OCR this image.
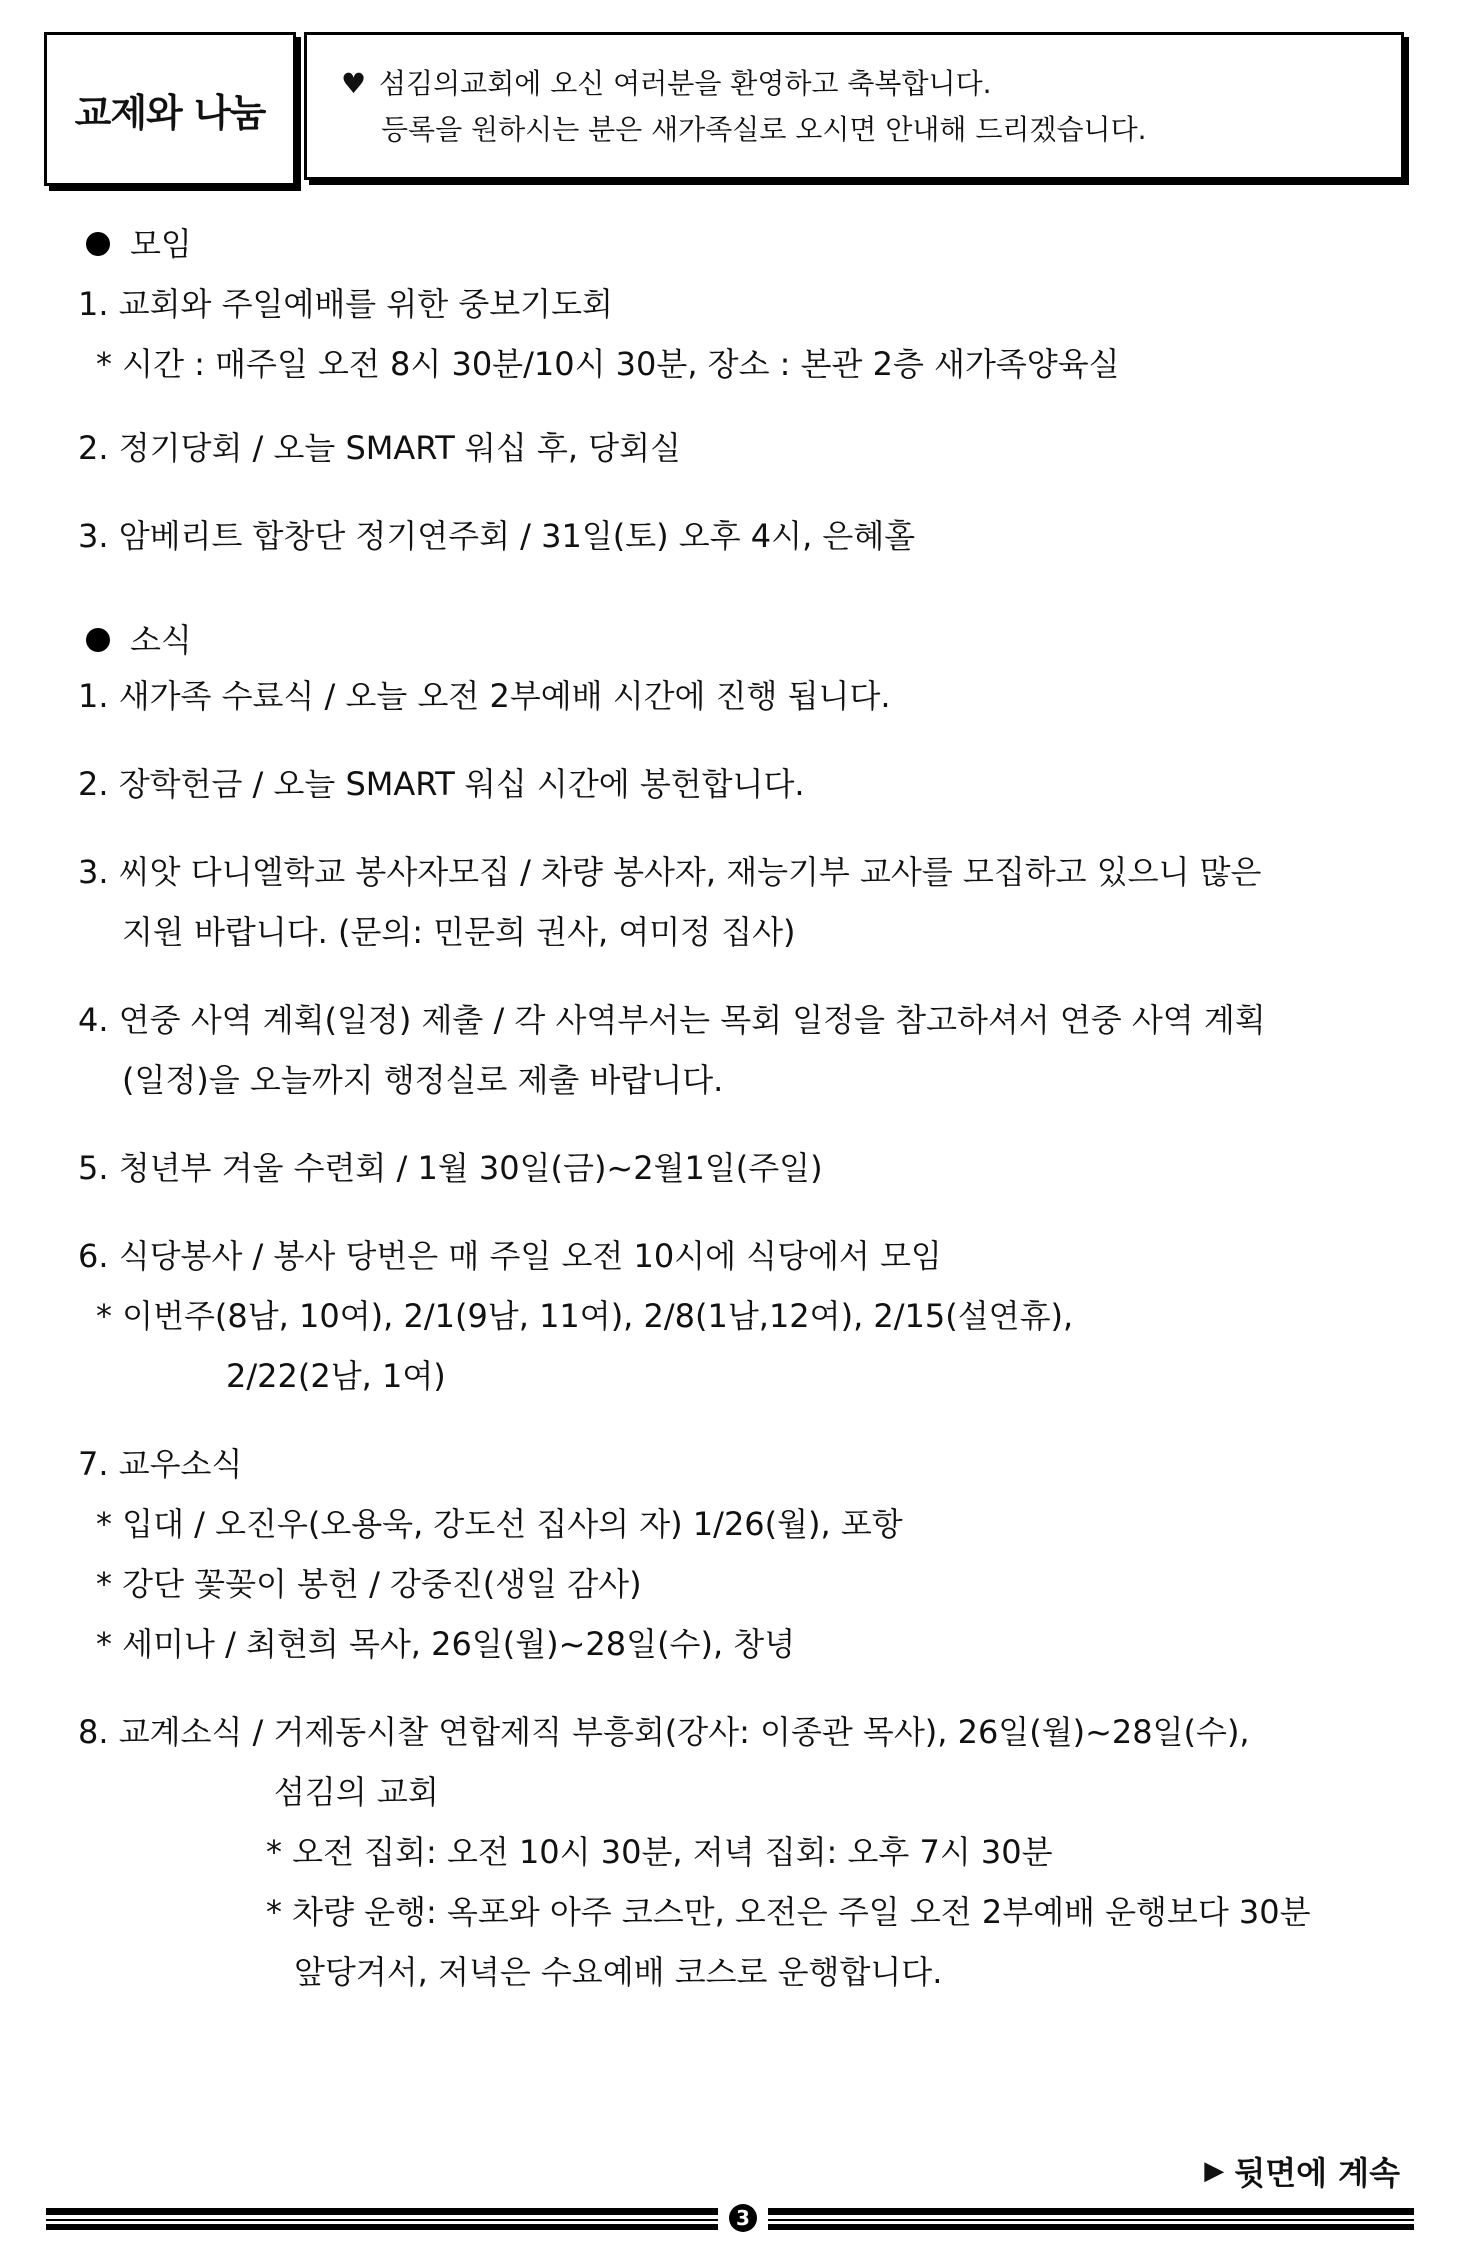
교제와 나눔
♥ 섬김의교회에 오신 여러분을 환영하고 축복합니다.
등록을 원하시는 분은 새가족실로 오시면 안내해 드리겠습니다.
모임
1. 교회와 주일예배를 위한 중보기도회
* 시간 : 매주일 오전 8시 30분/10시 30분, 장소 : 본관 2층 새가족양육실
2. 정기당회 / 오늘 SMART 워십 후, 당회실
3. 암베리트 합창단 정기연주회 / 31일(토) 오후 4시, 은혜홀
소식
1. 새가족 수료식 / 오늘 오전 2부예배 시간에 진행 됩니다.
2. 장학헌금 / 오늘 SMART 워십 시간에 봉헌합니다.
3. 씨앗 다니엘학교 봉사자모집 / 차량 봉사자, 재능기부 교사를 모집하고 있으니 많은
지원 바랍니다. (문의: 민문희 권사, 여미정 집사)
4. 연중 사역 계획(일정) 제출 / 각 사역부서는 목회 일정을 참고하셔서 연중 사역 계획
(일정)을 오늘까지 행정실로 제출 바랍니다.
5. 청년부 겨울 수련회 / 1월 30일(금)~2월1일(주일)
6. 식당봉사 / 봉사 당번은 매 주일 오전 10시에 식당에서 모임
* 이번주(8남, 10여), 2/1(9남, 11여), 2/8(1남,12여), 2/15(설연휴),
2/22(2남, 1여)
7. 교우소식
* 입대 / 오진우(오용욱, 강도선 집사의 자) 1/26(월), 포항
* 강단 꽃꽂이 봉헌 / 강중진(생일 감사)
* 세미나 / 최현희 목사, 26일(월)~28일(수), 창녕
8. 교계소식 / 거제동시찰 연합제직 부흥회(강사: 이종관 목사), 26일(월)~28일(수),
섬김의 교회
* 오전 집회: 오전 10시 30분, 저녁 집회: 오후 7시 30분
* 차량 운행: 옥포와 아주 코스만, 오전은 주일 오전 2부예배 운행보다 30분
앞당겨서, 저녁은 수요예배 코스로 운행합니다.
▶ 뒷면에 계속
3
